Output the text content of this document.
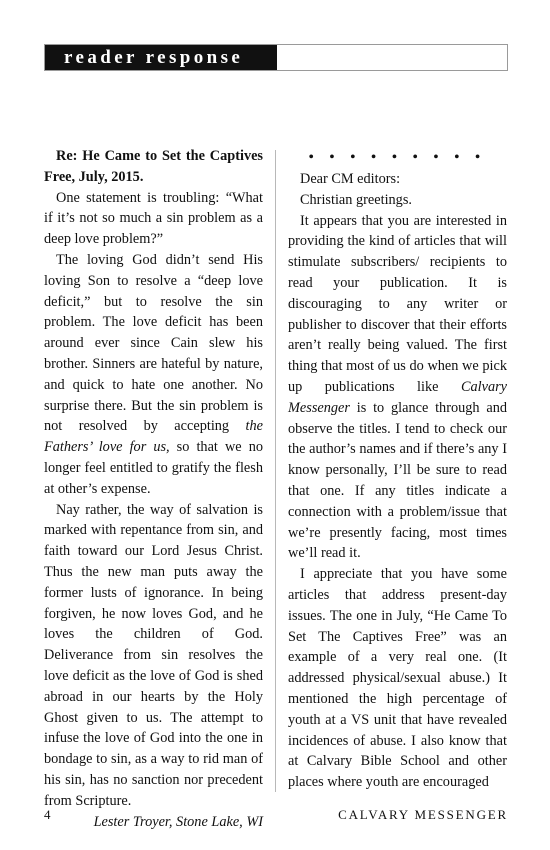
reader response

Re: He Came to Set the Captives Free, July, 2015.

One statement is troubling: “What if it’s not so much a sin problem as a deep love problem?”

The loving God didn’t send His loving Son to resolve a “deep love deficit,” but to resolve the sin problem. The love deficit has been around ever since Cain slew his brother. Sinners are hateful by nature, and quick to hate one another. No surprise there. But the sin problem is not resolved by accepting the Fathers’ love for us, so that we no longer feel entitled to gratify the flesh at other’s expense.

Nay rather, the way of salvation is marked with repentance from sin, and faith toward our Lord Jesus Christ. Thus the new man puts away the former lusts of ignorance. In being forgiven, he now loves God, and he loves the children of God. Deliverance from sin resolves the love deficit as the love of God is shed abroad in our hearts by the Holy Ghost given to us. The attempt to infuse the love of God into the one in bondage to sin, as a way to rid man of his sin, has no sanction nor precedent from Scripture.

Lester Troyer, Stone Lake, WI

• • • • • • • • •

Dear CM editors:

Christian greetings.

It appears that you are interested in providing the kind of articles that will stimulate subscribers/ recipients to read your publication. It is discouraging to any writer or publisher to discover that their efforts aren’t really being valued. The first thing that most of us do when we pick up publications like Calvary Messenger is to glance through and observe the titles. I tend to check our the author’s names and if there’s any I know personally, I’ll be sure to read that one. If any titles indicate a connection with a problem/issue that we’re presently facing, most times we’ll read it.

I appreciate that you have some articles that address present-day issues. The one in July, “He Came To Set The Captives Free” was an example of a very real one. (It addressed physical/sexual abuse.) It mentioned the high percentage of youth at a VS unit that have revealed incidences of abuse. I also know that at Calvary Bible School and other places where youth are encouraged

4	CALVARY MESSENGER
